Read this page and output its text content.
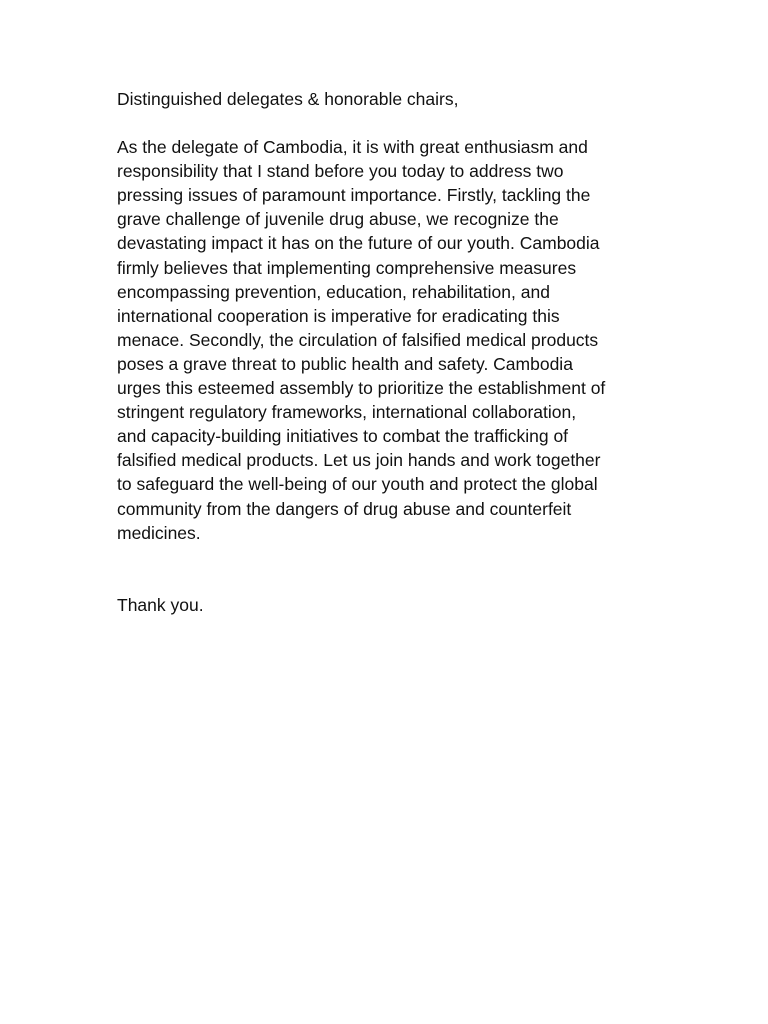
Distinguished delegates & honorable chairs,

As the delegate of Cambodia, it is with great enthusiasm and
responsibility that I stand before you today to address two
pressing issues of paramount importance. Firstly, tackling the
grave challenge of juvenile drug abuse, we recognize the
devastating impact it has on the future of our youth. Cambodia
firmly believes that implementing comprehensive measures
encompassing prevention, education, rehabilitation, and
international cooperation is imperative for eradicating this
menace. Secondly, the circulation of falsified medical products
poses a grave threat to public health and safety. Cambodia
urges this esteemed assembly to prioritize the establishment of
stringent regulatory frameworks, international collaboration,
and capacity-building initiatives to combat the trafficking of
falsified medical products. Let us join hands and work together
to safeguard the well-being of our youth and protect the global
community from the dangers of drug abuse and counterfeit
medicines.

Thank you.
